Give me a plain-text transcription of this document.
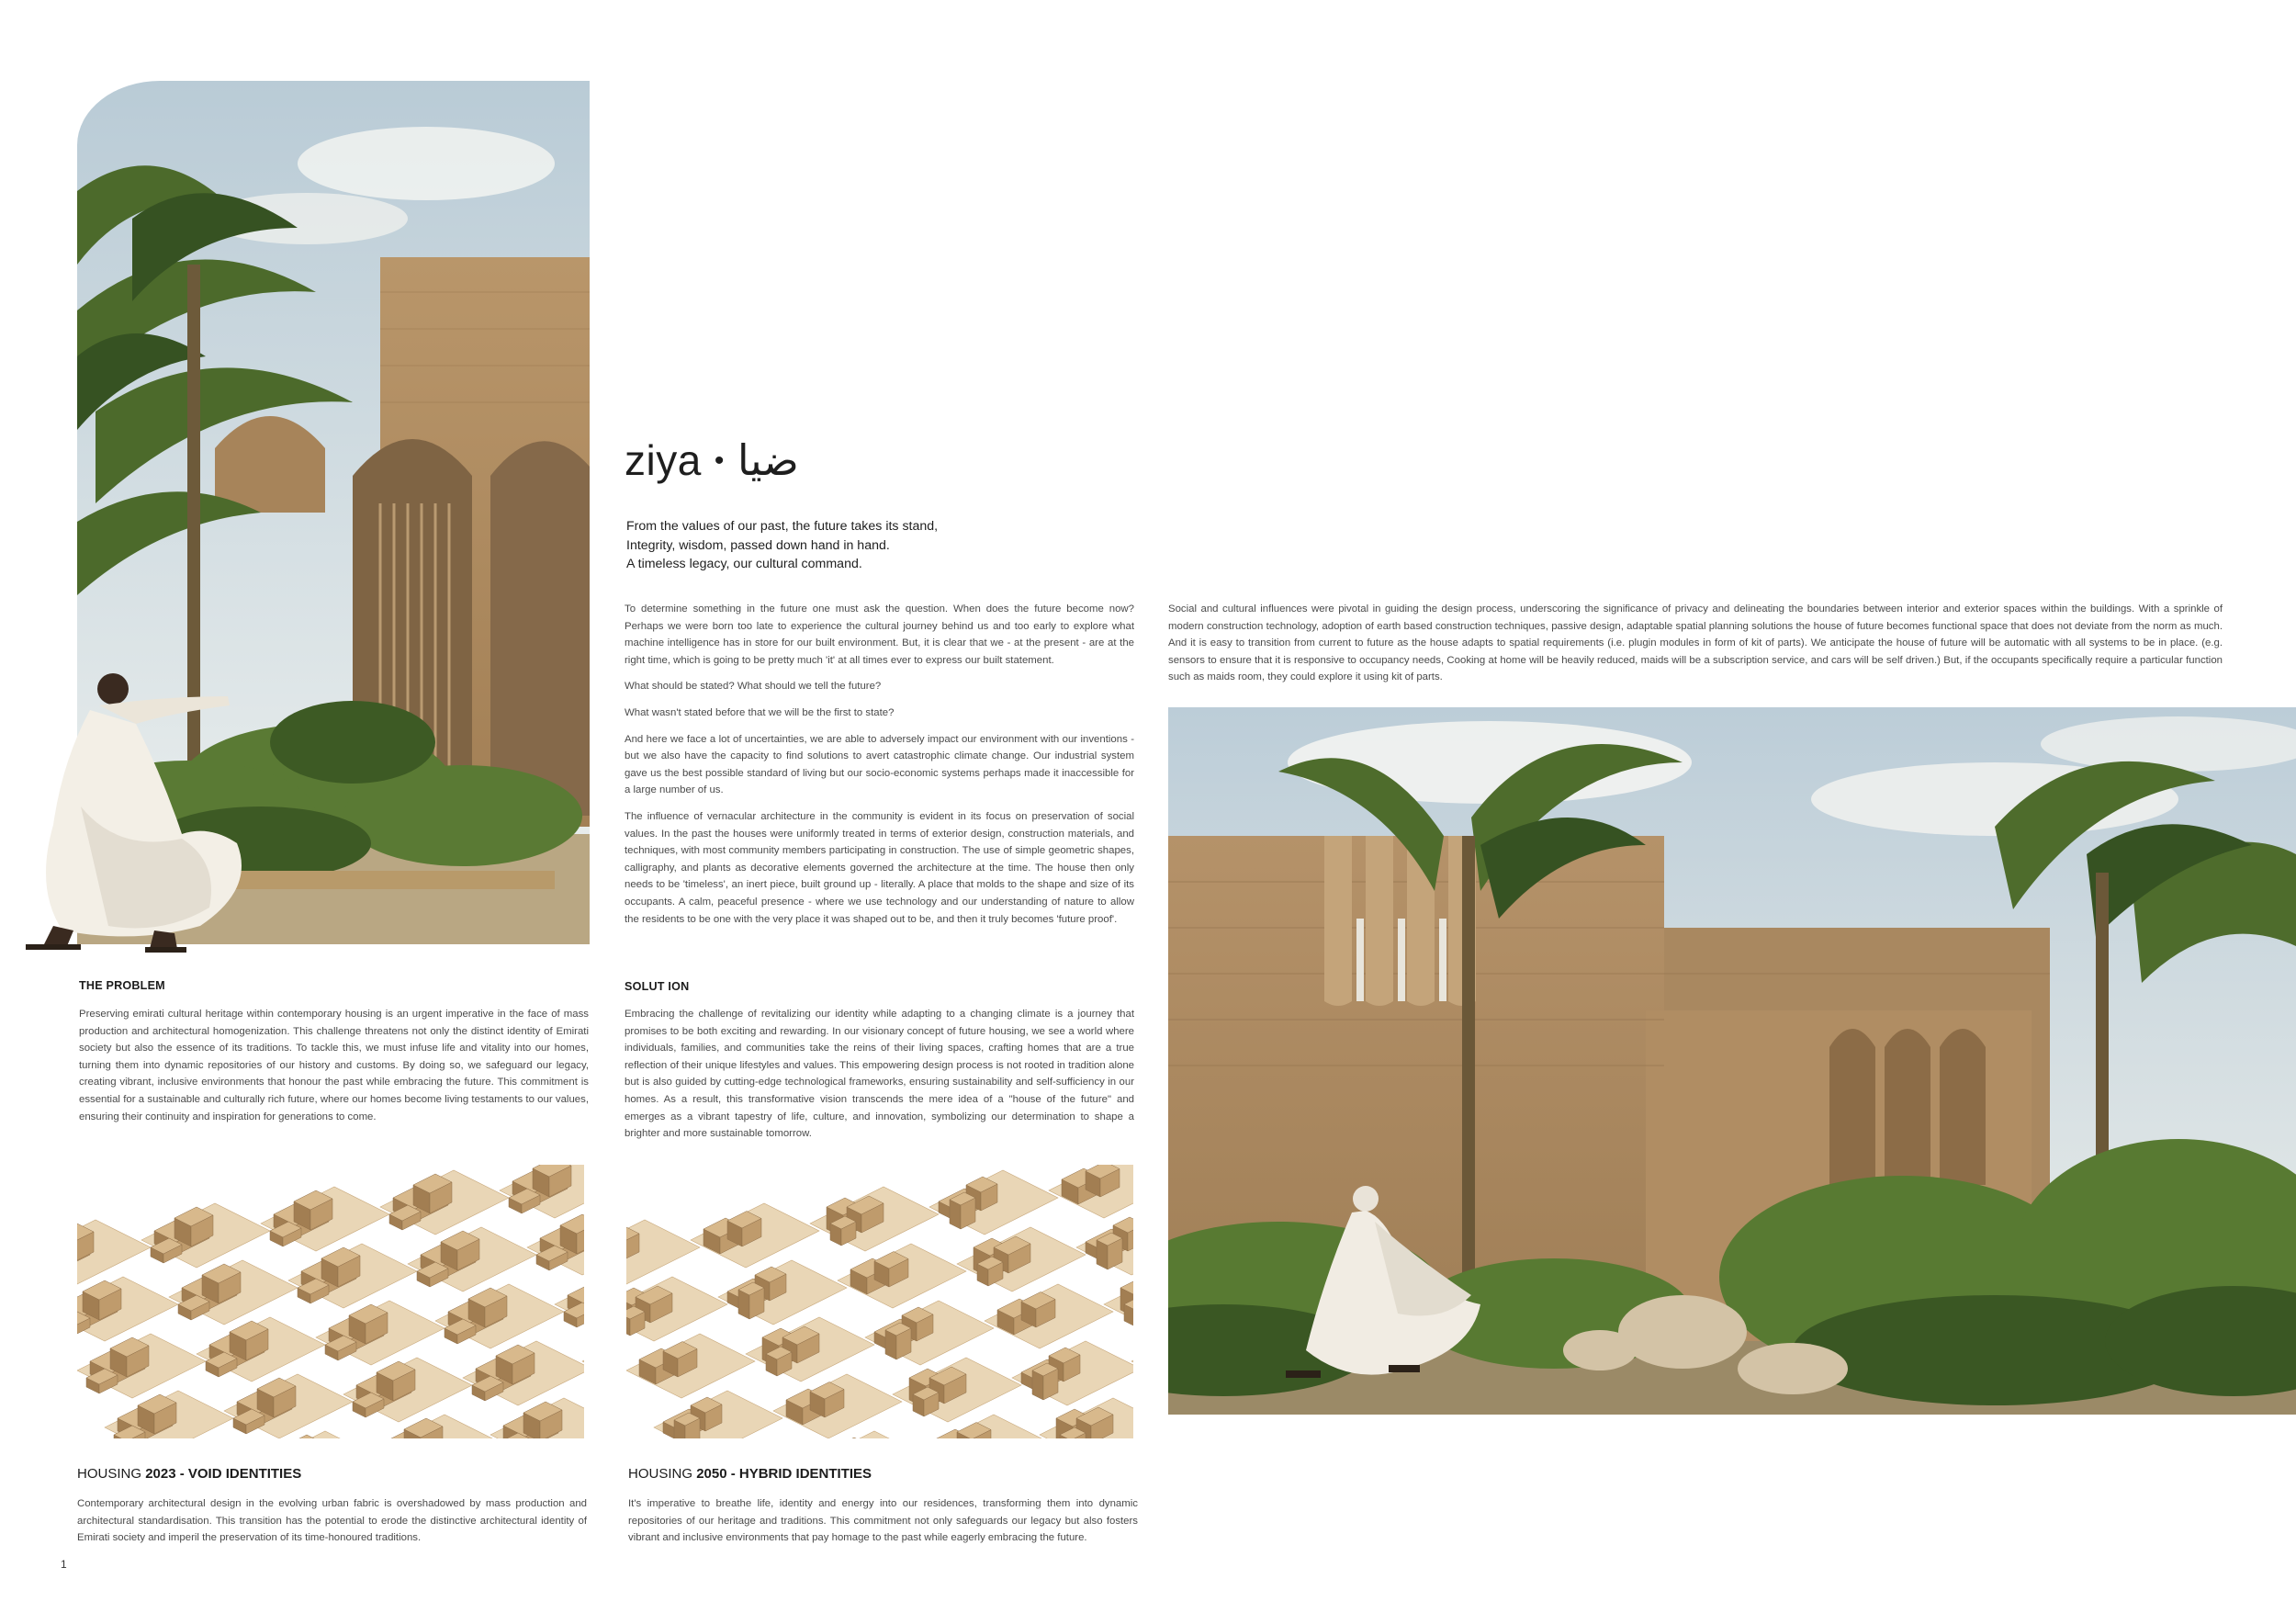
ziya • ضيا
From the values of our past, the future takes its stand,
Integrity, wisdom, passed down hand in hand.
A timeless legacy, our cultural command.

To determine something in the future one must ask the question. When does the future become now? Perhaps we were born too late to experience the cultural journey behind us and too early to explore what machine intelligence has in store for our built environment. But, it is clear that we - at the present - are at the right time, which is going to be pretty much 'it' at all times ever to express our built statement.

What should be stated? What should we tell the future?

What wasn't stated before that we will be the first to state?

And here we face a lot of uncertainties, we are able to adversely impact our environment with our inventions - but we also have the capacity to find solutions to avert catastrophic climate change. Our industrial system gave us the best possible standard of living but our socio-economic systems perhaps made it inaccessible for a large number of us.

The influence of vernacular architecture in the community is evident in its focus on preservation of social values. In the past the houses were uniformly treated in terms of exterior design, construction materials, and techniques, with most community members participating in construction. The use of simple geometric shapes, calligraphy, and plants as decorative elements governed the architecture at the time. The house then only needs to be 'timeless', an inert piece, built ground up - literally. A place that molds to the shape and size of its occupants. A calm, peaceful presence - where we use technology and our understanding of nature to allow the residents to be one with the very place it was shaped out to be, and then it truly becomes 'future proof'.

Social and cultural influences were pivotal in guiding the design process, underscoring the significance of privacy and delineating the boundaries between interior and exterior spaces within the buildings. With a sprinkle of modern construction technology, adoption of earth based construction techniques, passive design, adaptable spatial planning solutions the house of future becomes functional space that does not deviate from the norm as much. And it is easy to transition from current to future as the house adapts to spatial requirements (i.e. plugin modules in form of kit of parts). We anticipate the house of future will be automatic with all systems to be in place. (e.g. sensors to ensure that it is responsive to occupancy needs, Cooking at home will be heavily reduced, maids will be a subscription service, and cars will be self driven.) But, if the occupants specifically require a particular function such as maids room, they could explore it using kit of parts.

THE PROBLEM

Preserving emirati cultural heritage within contemporary housing is an urgent imperative in the face of mass production and architectural homogenization. This challenge threatens not only the distinct identity of Emirati society but also the essence of its traditions. To tackle this, we must infuse life and vitality into our homes, turning them into dynamic repositories of our history and customs. By doing so, we safeguard our legacy, creating vibrant, inclusive environments that honour the past while embracing the future. This commitment is essential for a sustainable and culturally rich future, where our homes become living testaments to our values, ensuring their continuity and inspiration for generations to come.

SOLUT ION

Embracing the challenge of revitalizing our identity while adapting to a changing climate is a journey that promises to be both exciting and rewarding. In our visionary concept of future housing, we see a world where individuals, families, and communities take the reins of their living spaces, crafting homes that are a true reflection of their unique lifestyles and values. This empowering design process is not rooted in tradition alone but is also guided by cutting-edge technological frameworks, ensuring sustainability and self-sufficiency in our homes. As a result, this transformative vision transcends the mere idea of a "house of the future" and emerges as a vibrant tapestry of life, culture, and innovation, symbolizing our determination to shape a brighter and more sustainable tomorrow.

HOUSING 2023 - VOID IDENTITIES

Contemporary architectural design in the evolving urban fabric is overshadowed by mass production and architectural standardisation. This transition has the potential to erode the distinctive architectural identity of Emirati society and imperil the preservation of its time-honoured traditions.

HOUSING 2050 - HYBRID IDENTITIES

It's imperative to breathe life, identity and energy into our residences, transforming them into dynamic repositories of our heritage and traditions. This commitment not only safeguards our legacy but also fosters vibrant and inclusive environments that pay homage to the past while eagerly embracing the future.

1
